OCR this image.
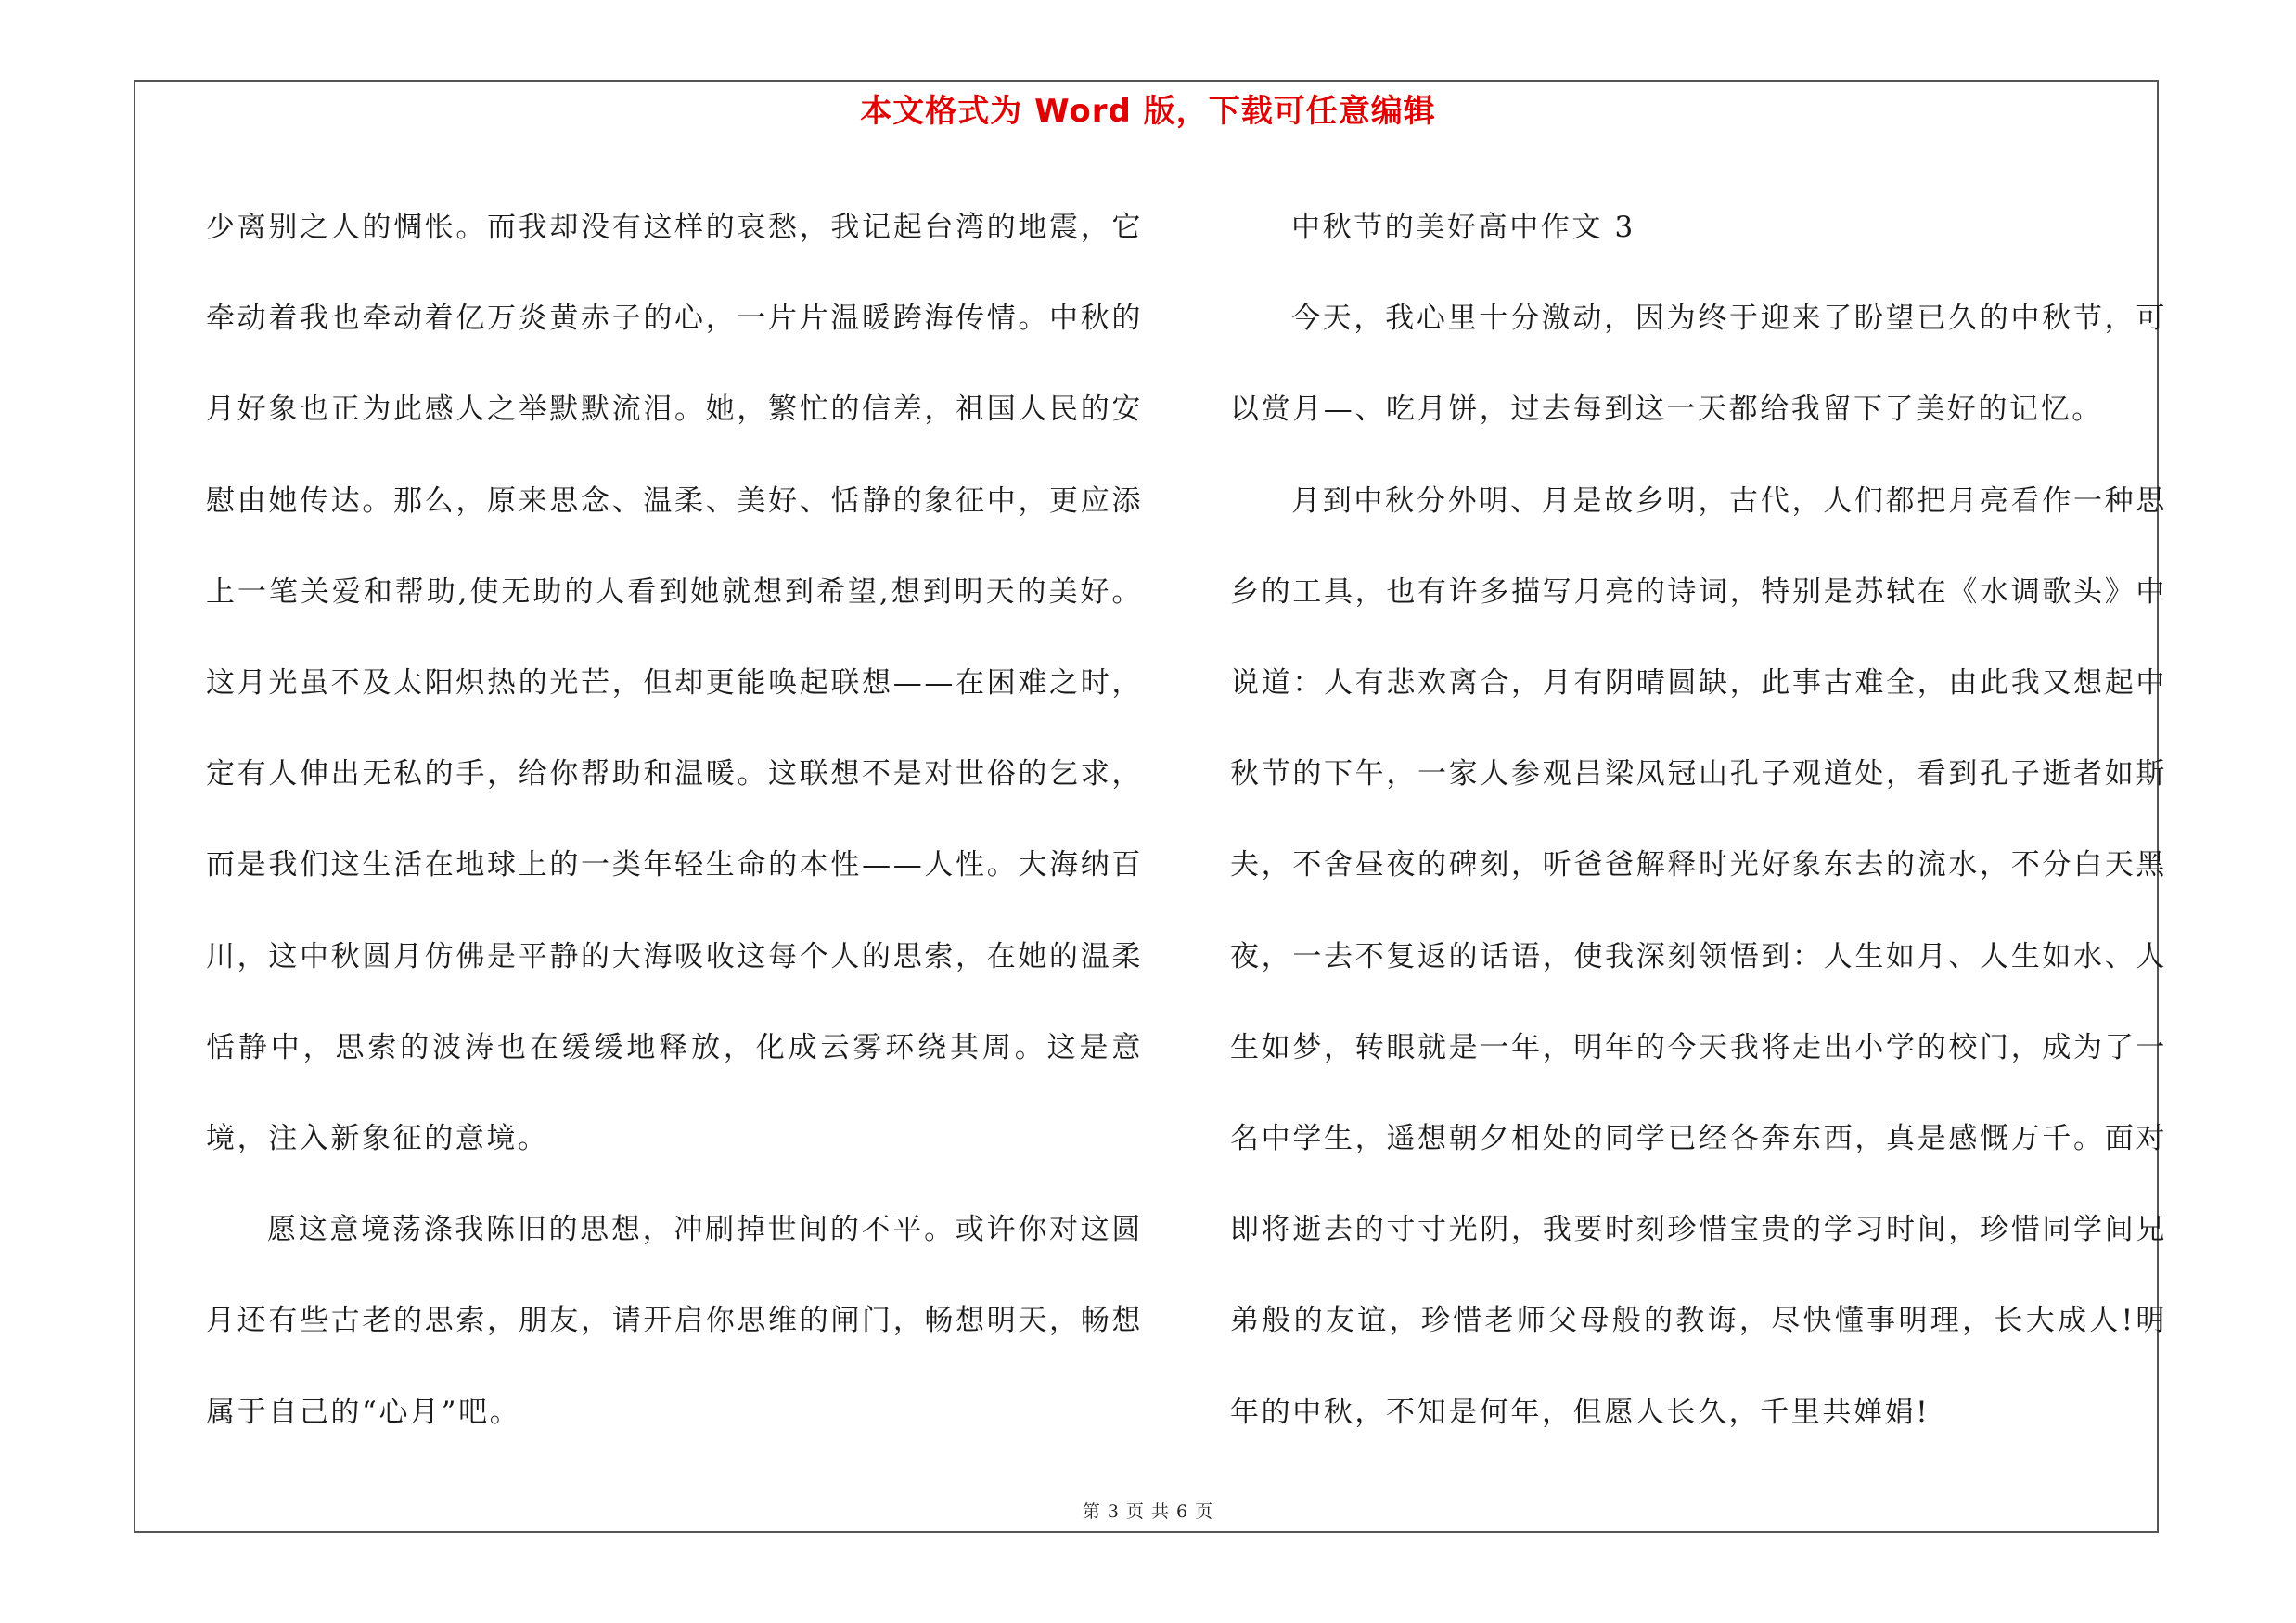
本文格式为 Word 版，下载可任意编辑

少离别之人的惆怅。而我却没有这样的哀愁，我记起台湾的地震，它牵动着我也牵动着亿万炎黄赤子的心，一片片温暖跨海传情。中秋的月好象也正为此感人之举默默流泪。她，繁忙的信差，祖国人民的安慰由她传达。那么，原来思念、温柔、美好、恬静的象征中，更应添上一笔关爱和帮助,使无助的人看到她就想到希望,想到明天的美好。这月光虽不及太阳炽热的光芒，但却更能唤起联想——在困难之时，定有人伸出无私的手，给你帮助和温暖。这联想不是对世俗的乞求，而是我们这生活在地球上的一类年轻生命的本性——人性。大海纳百川，这中秋圆月仿佛是平静的大海吸收这每个人的思索，在她的温柔恬静中，思索的波涛也在缓缓地释放，化成云雾环绕其周。这是意境，注入新象征的意境。

愿这意境荡涤我陈旧的思想，冲刷掉世间的不平。或许你对这圆月还有些古老的思索，朋友，请开启你思维的闸门，畅想明天，畅想属于自己的“心月”吧。

中秋节的美好高中作文 3

今天，我心里十分激动，因为终于迎来了盼望已久的中秋节，可以赏月—、吃月饼，过去每到这一天都给我留下了美好的记忆。

月到中秋分外明、月是故乡明，古代，人们都把月亮看作一种思乡的工具，也有许多描写月亮的诗词，特别是苏轼在《水调歌头》中说道：人有悲欢离合，月有阴晴圆缺，此事古难全，由此我又想起中秋节的下午，一家人参观吕梁凤冠山孔子观道处，看到孔子逝者如斯夫，不舍昼夜的碑刻，听爸爸解释时光好象东去的流水，不分白天黑夜，一去不复返的话语，使我深刻领悟到：人生如月、人生如水、人生如梦，转眼就是一年，明年的今天我将走出小学的校门，成为了一名中学生，遥想朝夕相处的同学已经各奔东西，真是感慨万千。面对即将逝去的寸寸光阴，我要时刻珍惜宝贵的学习时间，珍惜同学间兄弟般的友谊，珍惜老师父母般的教诲，尽快懂事明理，长大成人!明年的中秋，不知是何年，但愿人长久，千里共婵娟!

第 3 页 共 6 页
